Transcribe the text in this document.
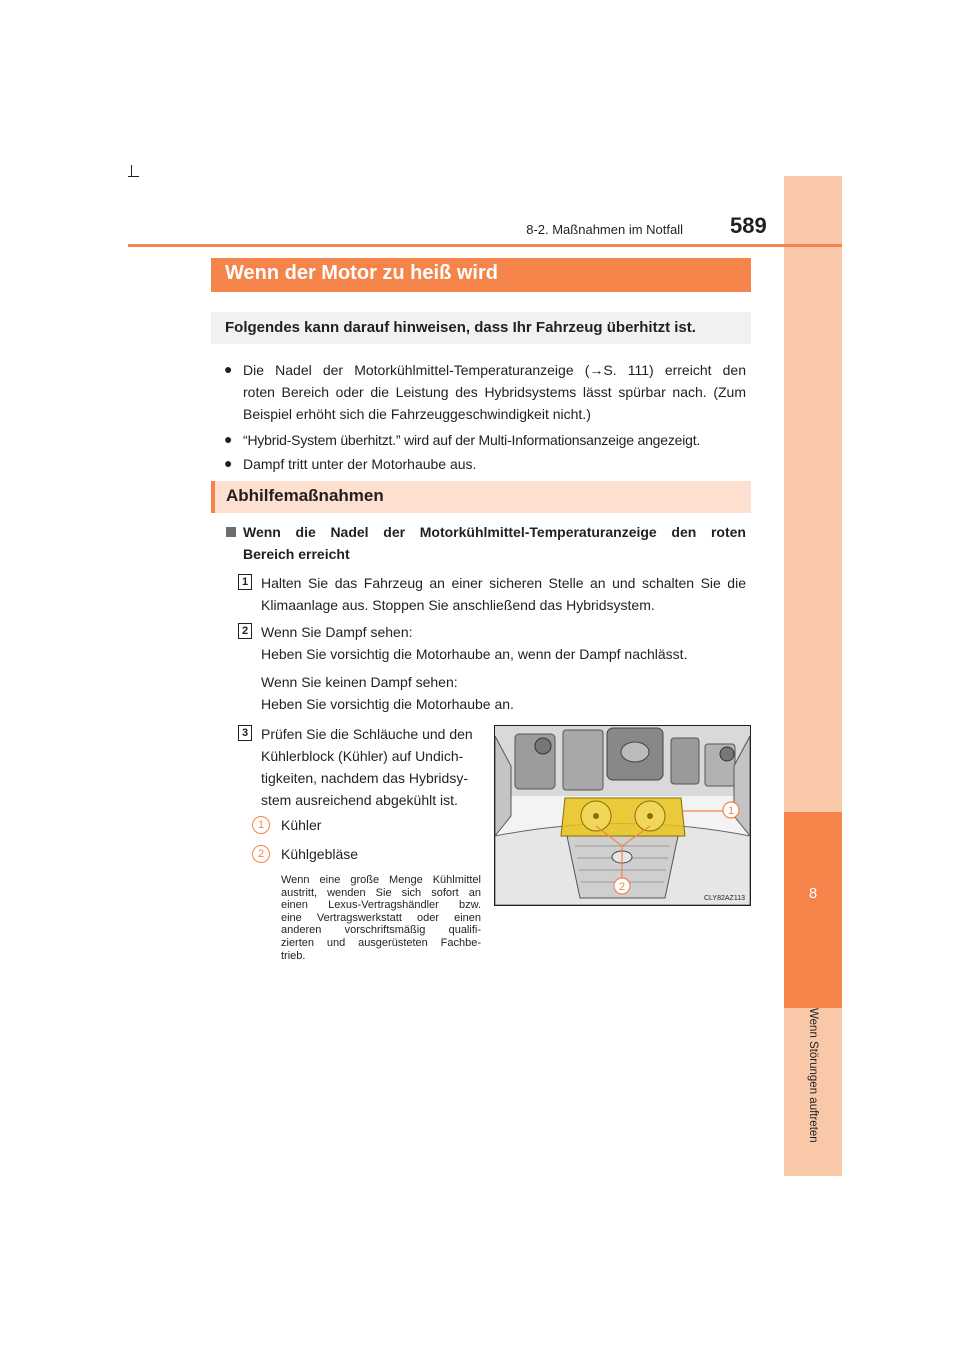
8
Wenn Störungen auftreten
8-2. Maßnahmen im Notfall 589
Wenn der Motor zu heiß wird
Folgendes kann darauf hinweisen, dass Ihr Fahrzeug überhitzt ist.
● Die Nadel der Motorkühlmittel-Temperaturanzeige (→S. 111) erreicht den
roten Bereich oder die Leistung des Hybridsystems lässt spürbar nach. (Zum
Beispiel erhöht sich die Fahrzeuggeschwindigkeit nicht.)
● “Hybrid-System überhitzt.” wird auf der Multi-Informationsanzeige angezeigt.
● Dampf tritt unter der Motorhaube aus.
Abhilfemaßnahmen
Wenn die Nadel der Motorkühlmittel-Temperaturanzeige den roten
Bereich erreicht
1 Halten Sie das Fahrzeug an einer sicheren Stelle an und schalten Sie die
Klimaanlage aus. Stoppen Sie anschließend das Hybridsystem.
2 Wenn Sie Dampf sehen:
Heben Sie vorsichtig die Motorhaube an, wenn der Dampf nachlässt.
Wenn Sie keinen Dampf sehen:
Heben Sie vorsichtig die Motorhaube an.
3 Prüfen Sie die Schläuche und den
Kühlerblock (Kühler) auf Undich-
tigkeiten, nachdem das Hybridsy-
stem ausreichend abgekühlt ist.
1	Kühler
2	Kühlgebläse
Wenn eine große Menge Kühlmittel
austritt, wenden Sie sich sofort an
einen Lexus-Vertragshändler bzw.
eine Vertragswerkstatt oder einen
anderen vorschriftsmäßig qualifi-
zierten und ausgerüsteten Fachbe-
trieb.
1
2
CLY82AZ113
